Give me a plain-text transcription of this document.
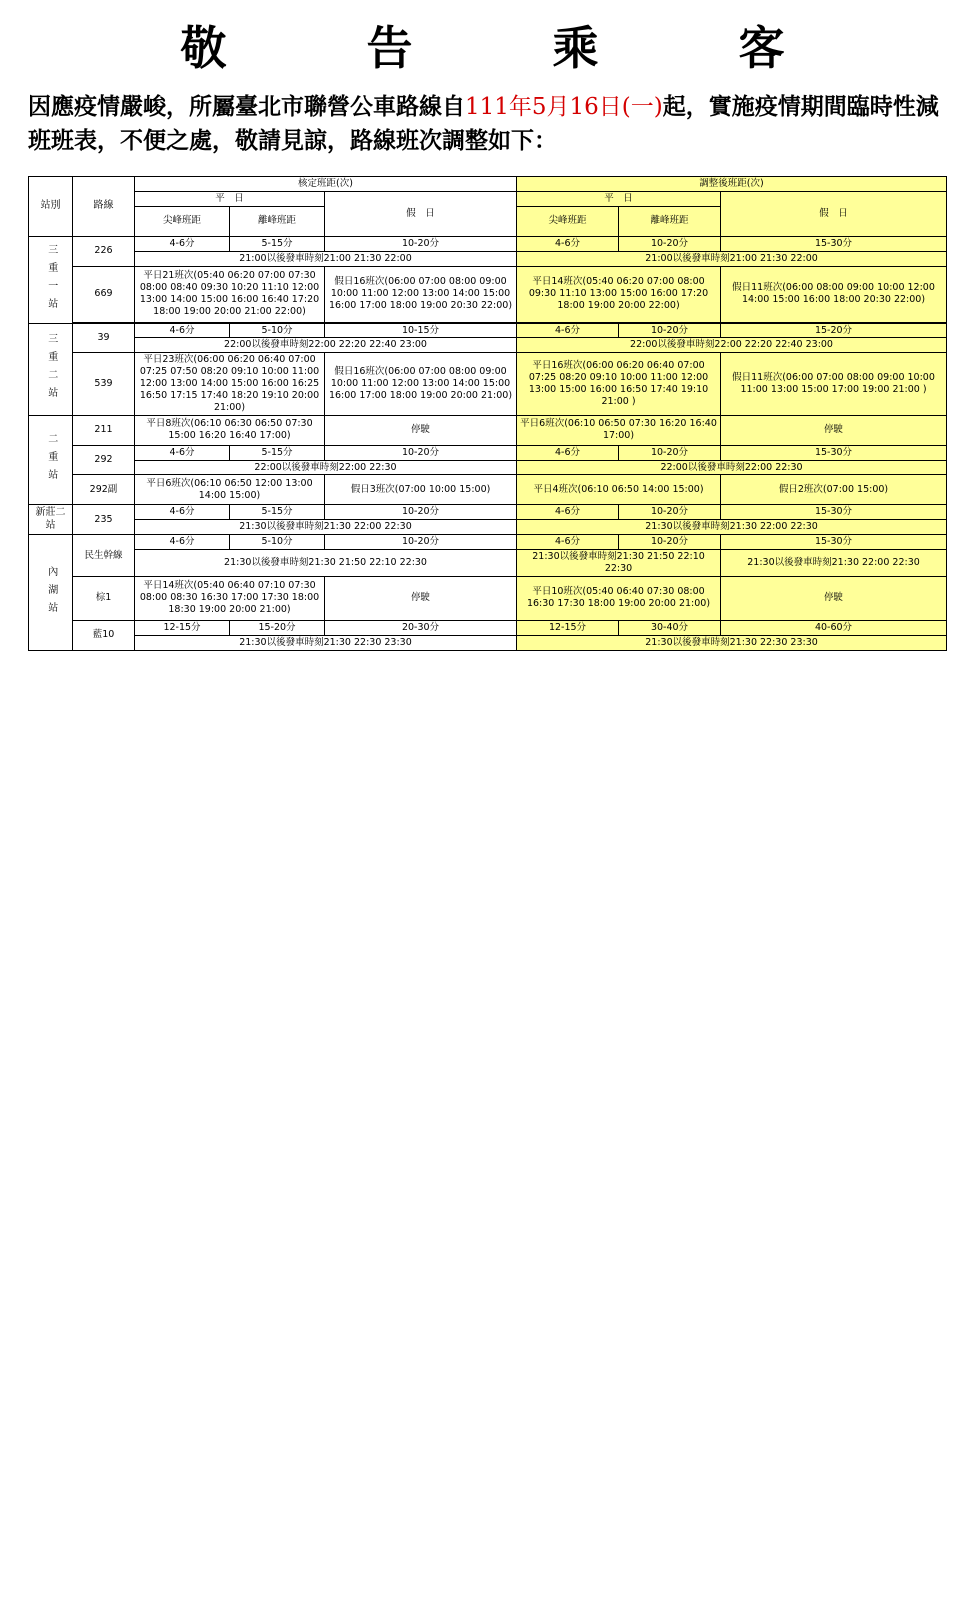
敬 告 乘 客
因應疫情嚴峻，所屬臺北市聯營公車路線自111年5月16日(一)起，實施疫情期間臨時性減班班表，不便之處，敬請見諒，路線班次調整如下：
站別	路線	核定班距(次)			調整後班距(次)		
		平　日		假　日	平　日		假　日
		尖峰班距	離峰班距		尖峰班距	離峰班距	
三重一站	226	4-6分	5-15分	10-20分	4-6分	10-20分	15-30分
		21:00以後發車時刻21:00 21:30 22:00			21:00以後發車時刻21:00 21:30 22:00		
	669	平日21班次(05:40 06:20 07:00 07:30 08:00 08:40 09:30 10:20 11:10 12:00 13:00 14:00 15:00 16:00 16:40 17:20 18:00 19:00 20:00 21:00 22:00)		假日16班次(06:00 07:00 08:00 09:00 10:00 11:00 12:00 13:00 14:00 15:00 16:00 17:00 18:00 19:00 20:30 22:00)	平日14班次(05:40 06:20 07:00 08:00 09:30 11:10 13:00 15:00 16:00 17:20 18:00 19:00 20:00 22:00)		假日11班次(06:00 08:00 09:00 10:00 12:00 14:00 15:00 16:00 18:00 20:30 22:00)

三重二站	39	4-6分	5-10分	10-15分	4-6分	10-20分	15-20分
		22:00以後發車時刻22:00 22:20 22:40 23:00			22:00以後發車時刻22:00 22:20 22:40 23:00		
	539	平日23班次(06:00 06:20 06:40 07:00 07:25 07:50 08:20 09:10 10:00 11:00 12:00 13:00 14:00 15:00 16:00 16:25 16:50 17:15 17:40 18:20 19:10 20:00 21:00)		假日16班次(06:00 07:00 08:00 09:00 10:00 11:00 12:00 13:00 14:00 15:00 16:00 17:00 18:00 19:00 20:00 21:00)	平日16班次(06:00 06:20 06:40 07:00 07:25 08:20 09:10 10:00 11:00 12:00 13:00 15:00 16:00 16:50 17:40 19:10 21:00 )		假日11班次(06:00 07:00 08:00 09:00 10:00 11:00 13:00 15:00 17:00 19:00 21:00 )
二重站	211	平日8班次(06:10 06:30 06:50 07:30 15:00 16:20 16:40 17:00)		停駛	平日6班次(06:10 06:50 07:30 16:20 16:40 17:00)		停駛
	292	4-6分	5-15分	10-20分	4-6分	10-20分	15-30分
		22:00以後發車時刻22:00 22:30			22:00以後發車時刻22:00 22:30		
	292副	平日6班次(06:10 06:50 12:00 13:00 14:00 15:00)		假日3班次(07:00 10:00 15:00)	平日4班次(06:10 06:50 14:00 15:00)		假日2班次(07:00 15:00)
新莊二站	235	4-6分	5-15分	10-20分	4-6分	10-20分	15-30分
		21:30以後發車時刻21:30 22:00 22:30			21:30以後發車時刻21:30 22:00 22:30		
內湖站	民生幹線	4-6分	5-10分	10-20分	4-6分	10-20分	15-30分
		21:30以後發車時刻21:30 21:50 22:10 22:30			21:30以後發車時刻21:30 21:50 22:10 22:30		21:30以後發車時刻21:30 22:00 22:30
	棕1	平日14班次(05:40 06:40 07:10 07:30 08:00 08:30 16:30 17:00 17:30 18:00 18:30 19:00 20:00 21:00)		停駛	平日10班次(05:40 06:40 07:30 08:00 16:30 17:30 18:00 19:00 20:00 21:00)		停駛
	藍10	12-15分	15-20分	20-30分	12-15分	30-40分	40-60分
		21:30以後發車時刻21:30 22:30 23:30			21:30以後發車時刻21:30 22:30 23:30		
